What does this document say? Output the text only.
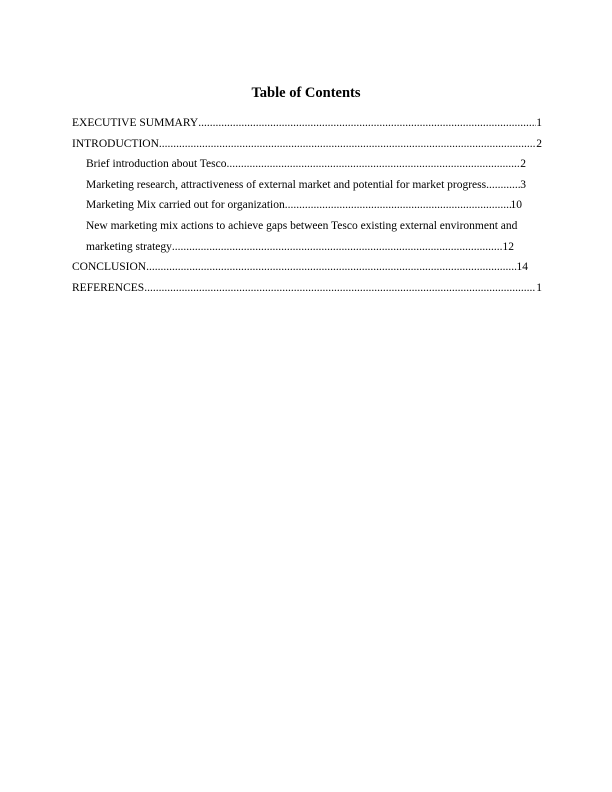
Table of Contents
EXECUTIVE SUMMARY .....	1
INTRODUCTION .....	2
Brief introduction about Tesco .....	2
Marketing research, attractiveness of external market and potential for market progress .....	3
Marketing Mix carried out for organization .....	10
New marketing mix actions to achieve gaps between Tesco existing external environment and
marketing strategy .....	12
CONCLUSION .....	14
REFERENCES .....	1
